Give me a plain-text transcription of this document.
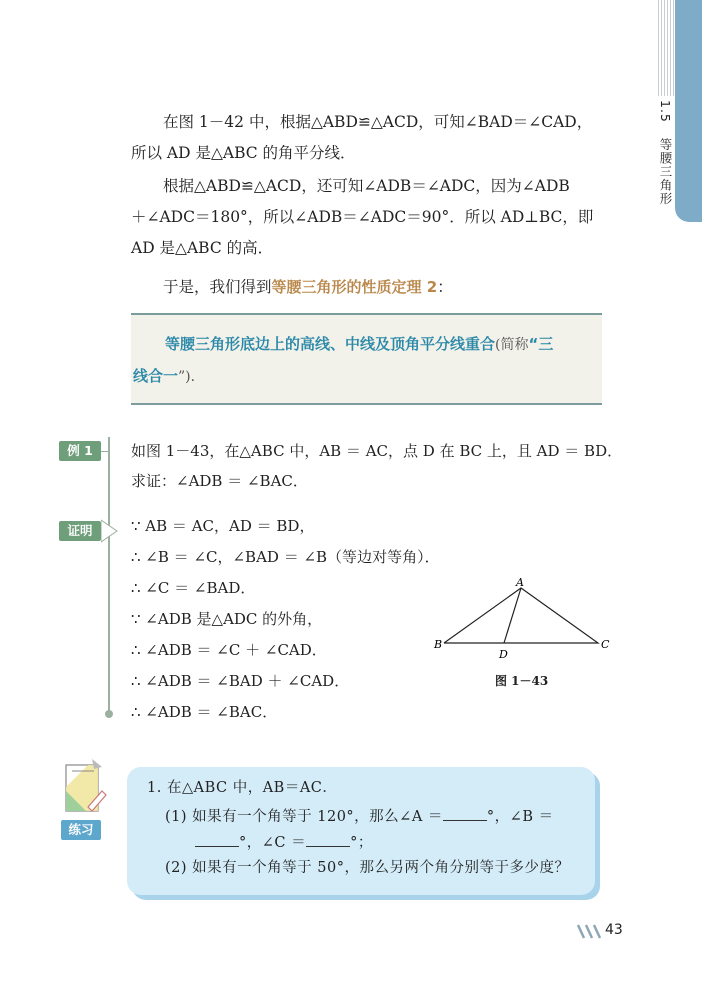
1.5 等腰三角形
在图 1－42 中，根据△ABD≌△ACD，可知∠BAD＝∠CAD，
所以 AD 是△ABC 的角平分线．
根据△ABD≌△ACD，还可知∠ADB＝∠ADC，因为∠ADB
＋∠ADC＝180°，所以∠ADB＝∠ADC＝90°．所以 AD⊥BC，即
AD 是△ABC 的高．
于是，我们得到等腰三角形的性质定理 2：
等腰三角形底边上的高线、中线及顶角平分线重合(简称“三
线合一”)．
例 1	如图 1－43，在△ABC 中，AB ＝ AC，点 D 在 BC 上，且 AD ＝ BD．
求证：∠ADB ＝ ∠BAC．
证明	∵ AB ＝ AC，AD ＝ BD，
∴ ∠B ＝ ∠C，∠BAD ＝ ∠B（等边对等角）．
∴ ∠C ＝ ∠BAD．
∵ ∠ADB 是△ADC 的外角，
∴ ∠ADB ＝ ∠C ＋ ∠CAD．
∴ ∠ADB ＝ ∠BAD ＋ ∠CAD．
∴ ∠ADB ＝ ∠BAC．
A
B	C
D
图 1－43
练习
1. 在△ABC 中，AB＝AC．
(1) 如果有一个角等于 120°，那么∠A ＝	°，∠B ＝
°，∠C ＝	°；
(2) 如果有一个角等于 50°，那么另两个角分别等于多少度？
43
